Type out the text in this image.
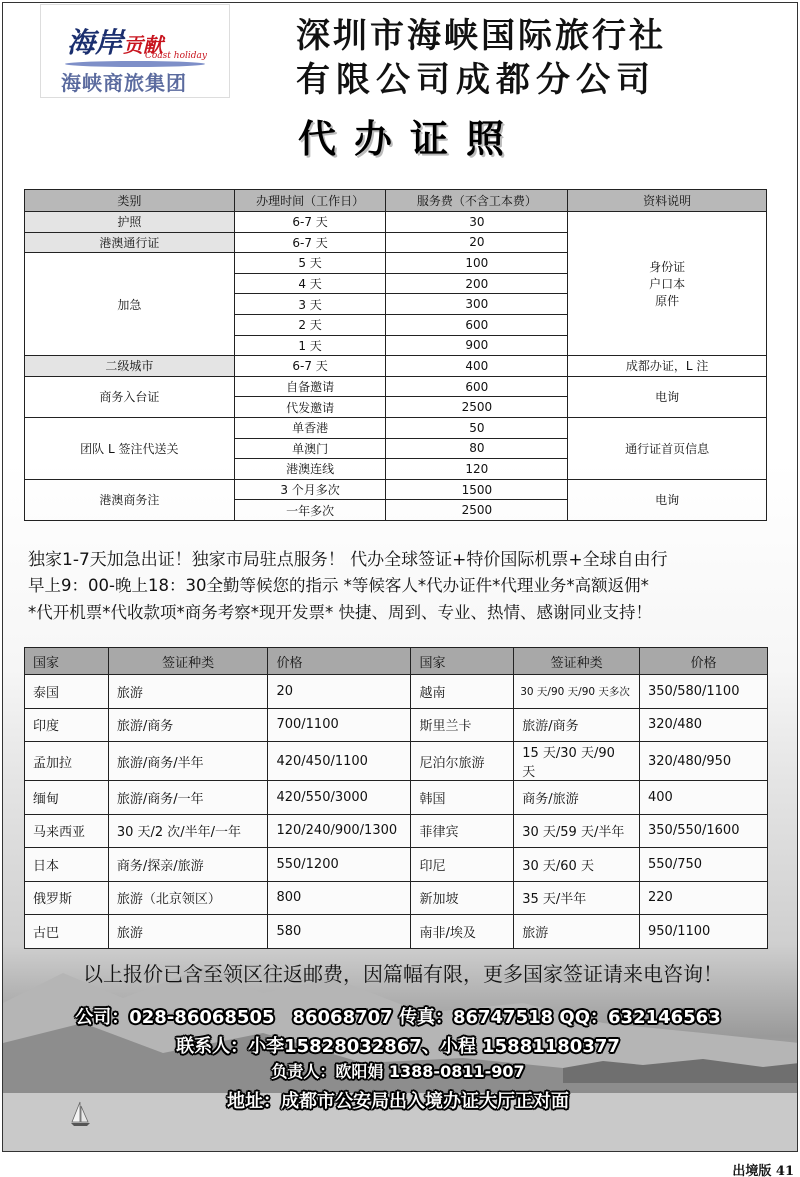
海岸贡献
Coast holiday
海峡商旅集团
深圳市海峡国际旅行社
有限公司成都分公司
代办证照
类别	办理时间（工作日）	服务费（不含工本费）	资料说明
护照	6-7 天	30	身份证
户口本
原件

港澳通行证	6-7 天	20	
加急	5 天	100	
	4 天	200	
	3 天	300	
	2 天	600	
	1 天	900	
二级城市	6-7 天	400	成都办证，L 注
商务入台证	自备邀请	600	电询
	代发邀请	2500	
团队 L 签注代送关	单香港	50	通行证首页信息
	单澳门	80	
	港澳连线	120	
港澳商务注	3 个月多次	1500	电询
	一年多次	2500	
独家1-7天加急出证！独家市局驻点服务！ 代办全球签证+特价国际机票+全球自由行
早上9：00-晚上18：30全勤等候您的指示 *等候客人*代办证件*代理业务*高额返佣*
*代开机票*代收款项*商务考察*现开发票* 快捷、周到、专业、热情、感谢同业支持！
国家	签证种类	价格	国家	签证种类	价格
泰国	旅游	20	越南	30 天/90 天/90 天多次	350/580/1100
印度	旅游/商务	700/1100	斯里兰卡	旅游/商务	320/480
孟加拉	旅游/商务/半年	420/450/1100	尼泊尔旅游	15 天/30 天/90 天	320/480/950
缅甸	旅游/商务/一年	420/550/3000	韩国	商务/旅游	400
马来西亚	30 天/2 次/半年/一年	120/240/900/1300	菲律宾	30 天/59 天/半年	350/550/1600
日本	商务/探亲/旅游	550/1200	印尼	30 天/60 天	550/750
俄罗斯	旅游（北京领区）	800	新加坡	35 天/半年	220
古巴	旅游	580	南非/埃及	旅游	950/1100
以上报价已含至领区往返邮费，因篇幅有限，更多国家签证请来电咨询！
公司：028-86068505　86068707 传真：86747518 QQ：632146563
联系人：小李15828032867、小程 15881180377
负责人：欧阳娟 1388-0811-907
地址：成都市公安局出入境办证大厅正对面
出境版 41
